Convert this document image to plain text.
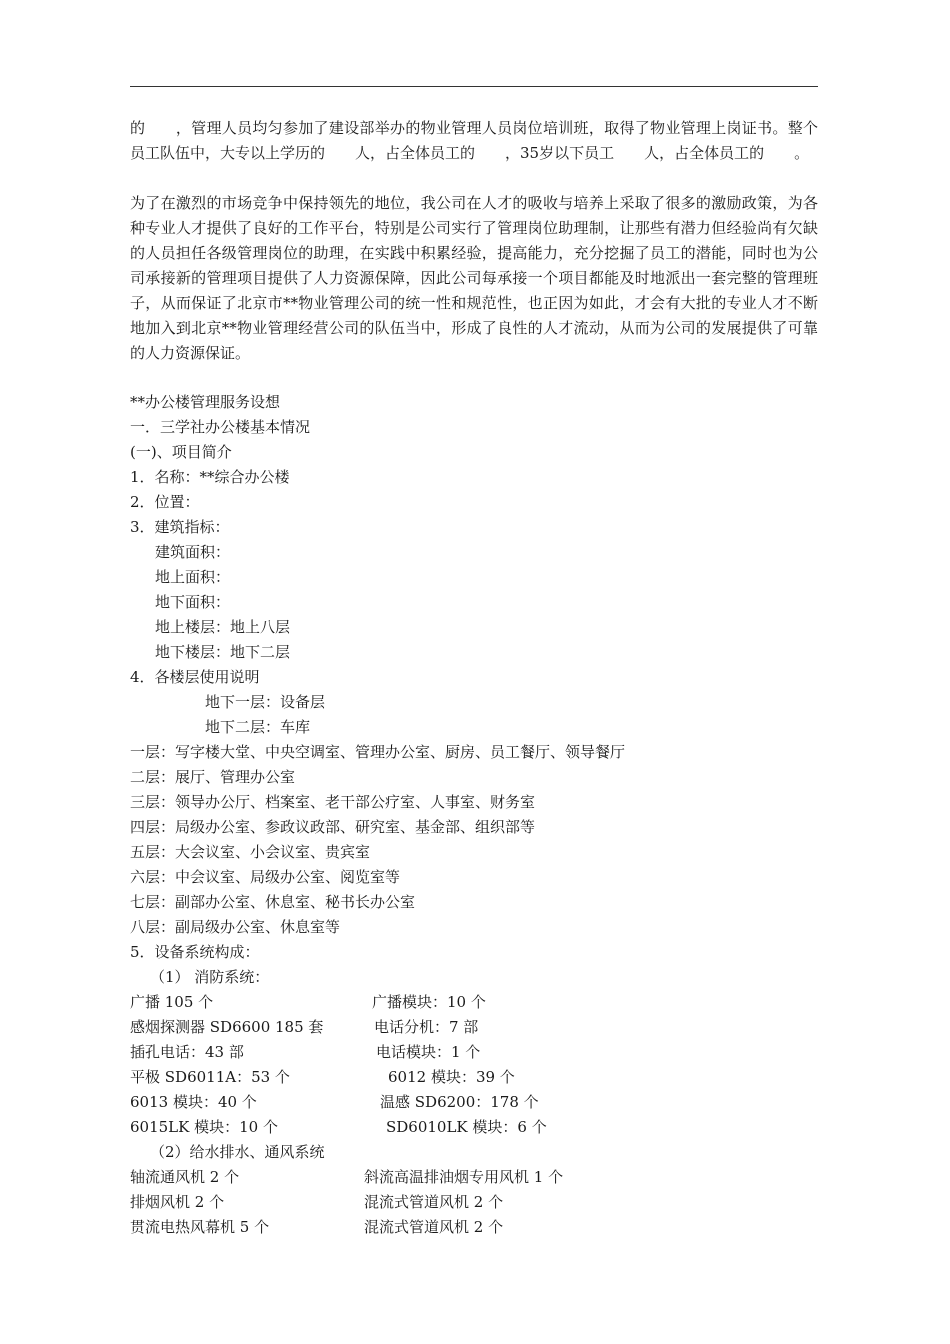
的　　，管理人员均匀参加了建设部举办的物业管理人员岗位培训班，取得了物业管理上岗证书。整个员工队伍中，大专以上学历的　　人，占全体员工的　　，35岁以下员工　　人，占全体员工的　　。

为了在激烈的市场竞争中保持领先的地位，我公司在人才的吸收与培养上采取了很多的激励政策，为各种专业人才提供了良好的工作平台，特别是公司实行了管理岗位助理制，让那些有潜力但经验尚有欠缺的人员担任各级管理岗位的助理，在实践中积累经验，提高能力，充分挖掘了员工的潜能，同时也为公司承接新的管理项目提供了人力资源保障，因此公司每承接一个项目都能及时地派出一套完整的管理班子，从而保证了北京市**物业管理公司的统一性和规范性，也正因为如此，才会有大批的专业人才不断地加入到北京**物业管理经营公司的队伍当中，形成了良性的人才流动，从而为公司的发展提供了可靠的人力资源保证。

**办公楼管理服务设想
一．三学社办公楼基本情况
(一)、项目简介
1．名称：**综合办公楼
2．位置：
3．建筑指标：
建筑面积：
地上面积：
地下面积：
地上楼层：地上八层
地下楼层：地下二层
4．各楼层使用说明
地下一层：设备层
地下二层：车库
一层：写字楼大堂、中央空调室、管理办公室、厨房、员工餐厅、领导餐厅
二层：展厅、管理办公室
三层：领导办公厅、档案室、老干部公疗室、人事室、财务室
四层：局级办公室、参政议政部、研究室、基金部、组织部等
五层：大会议室、小会议室、贵宾室
六层：中会议室、局级办公室、阅览室等
七层：副部办公室、休息室、秘书长办公室
八层：副局级办公室、休息室等
5．设备系统构成：
（1） 消防系统：
广播 105 个	广播模块：10 个
感烟探测器 SD6600 185 套	电话分机：7 部
插孔电话：43 部	电话模块：1 个
平极 SD6011A：53 个	6012 模块：39 个
6013 模块：40 个	温感 SD6200：178 个
6015LK 模块：10 个	SD6010LK 模块：6 个
（2）给水排水、通风系统
轴流通风机 2 个	斜流高温排油烟专用风机 1 个
排烟风机 2 个	混流式管道风机 2 个
贯流电热风幕机 5 个	混流式管道风机 2 个
